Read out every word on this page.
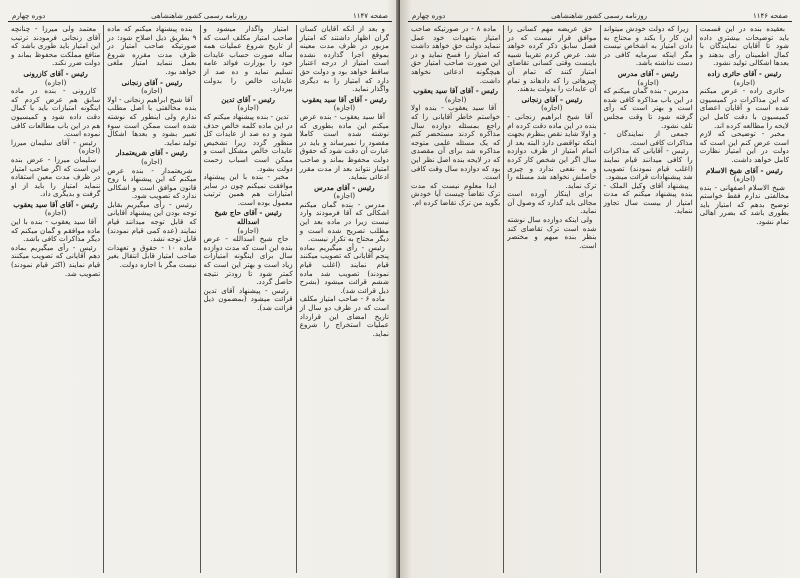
صفحه ۱۱۴۷
روزنامه رسمی کشور شاهنشاهی
دوره چهارم

و بعد از آنکه آقایان کسان گران اظهار داشتند که امتیاز مزبور در ظرف مدت معینه بموقع اجرا گذارده نشده است امتیاز از درجه اعتبار ساقط خواهد بود و دولت حق دارد که امتیاز را به دیگری واگذار نماید.

رئیس - آقای آقا سید یعقوب

(اجازه)

آقا سید یعقوب - بنده عرض میکنم این ماده بطوری که نوشته شده است کاملا مقصود را نمیرساند و باید در عبارت آن دقت شود که حقوق دولت محفوظ بماند و صاحب امتیاز نتواند بعد از مدت مقرر ادعائی بنماید.

رئیس - آقای مدرس

(اجازه)

مدرس - بنده گمان میکنم اشکالی که آقا فرمودند وارد نیست زیرا در ماده بعد این مطلب تصریح شده است و دیگر محتاج به تکرار نیست.

رئیس - رأی میگیریم بماده پنجم آقایانی که تصویب میکنند قیام نمایند (اغلب قیام نمودند) تصویب شد ماده ششم قرائت میشود (بشرح ذیل قرائت شد).

ماده ۶ - صاحب امتیاز مکلف است که در ظرف دو سال از تاریخ امضای این قرارداد عملیات استخراج را شروع نماید.

امتیاز واگذار میشود و صاحب امتیاز مکلف است که از تاریخ شروع عملیات همه ساله صورت حساب عایدات خود را بوزارت فوائد عامه تسلیم نماید و ده صد از عایدات خالص را بدولت بپردازد.

رئیس - آقای تدین

(اجازه)

تدین - بنده پیشنهاد میکنم که در این ماده کلمه خالص حذف شود و ده صد از عایدات کل منظور گردد زیرا تشخیص عایدات خالص مشکل است و ممکن است اسباب زحمت دولت بشود.

مخبر - بنده با این پیشنهاد موافقت نمیکنم چون در سایر امتیازات هم همین ترتیب معمول بوده است.

رئیس - آقای حاج شیخ اسدالله

(اجازه)

حاج شیخ اسدالله - عرض بنده این است که مدت دوازده سال برای اینگونه امتیازات زیاد است و بهتر این است که کمتر شود تا زودتر نتیجه حاصل گردد.

رئیس - پیشنهاد آقای تدین قرائت میشود (بمضمون ذیل قرائت شد).

بنده پیشنهاد میکنم که ماده ۹ بطریق ذیل اصلاح شود: در صورتیکه صاحب امتیاز در ظرف مدت مقرره شروع بعمل ننماید امتیاز ملغی خواهد بود.

رئیس - آقای زنجانی

(اجازه)

آقا شیخ ابراهیم زنجانی - اولا بنده مخالفتی با اصل مطلب ندارم ولی اینطور که نوشته شده است ممکن است سوء تعبیر بشود و بعدها اشکال تولید نماید.

رئیس - آقای شریعتمدار

(اجازه)

شریعتمدار - بنده عرض میکنم که این پیشنهاد با روح قانون موافق است و اشکالی ندارد که تصویب شود.

رئیس - رأی میگیریم بقابل توجه بودن این پیشنهاد آقایانی که قابل توجه میدانند قیام نمایند (عده کمی قیام نمودند) قابل توجه نشد.

ماده ۱۰ - حقوق و تعهدات صاحب امتیاز قابل انتقال بغیر نیست مگر با اجازه دولت.

معتمد ولی میرزا - چنانچه آقای زنجانی فرمودند ترتیب این امتیاز باید طوری باشد که منافع مملکت محفوظ بماند و دولت ضرر نکند.

رئیس - آقای کازرونی

(اجازه)

کازرونی - بنده در ماده سابق هم عرض کردم که اینگونه امتیازات باید با کمال دقت داده شود و کمیسیون هم در این باب مطالعات کافی نموده است.

رئیس - آقای سلیمان میرزا (اجازه)

سلیمان میرزا - عرض بنده این است که اگر صاحب امتیاز در ظرف مدت معین استفاده ننماید امتیاز را باید از او گرفت و بدیگری داد.

رئیس - آقای آقا سید یعقوب

(اجازه)

آقا سید یعقوب - بنده با این ماده موافقم و گمان میکنم که دیگر مذاکرات کافی باشد.

رئیس - رأی میگیریم بماده دهم آقایانی که تصویب میکنند قیام نمایند (اکثر قیام نمودند) تصویب شد.

صفحه ۱۱۴۶
روزنامه رسمی کشور شاهنشاهی
دوره چهارم

بعقیده بنده در این قسمت باید توضیحات بیشتری داده شود تا آقایان نمایندگان با کمال اطمینان رأی بدهند و بعدها اشکالی تولید نشود.

رئیس - آقای حائری زاده

(اجازه)

حائری زاده - عرض میکنم که این مذاکرات در کمیسیون شده است و آقایان اعضای کمیسیون با دقت کامل این لایحه را مطالعه کرده اند.

مخبر - توضیحی که لازم است عرض کنم این است که دولت در این امتیاز نظارت کامل خواهد داشت.

رئیس - آقای شیخ الاسلام

(اجازه)

شیخ الاسلام اصفهانی - بنده مخالفتی ندارم فقط خواستم توضیح بدهم که امتیاز باید بطوری باشد که بضرر اهالی تمام نشود.

زیرا که دولت خودش میتواند این کار را بکند و محتاج به دادن امتیاز به اشخاص نیست مگر اینکه سرمایه کافی در دست نداشته باشد.

رئیس - آقای مدرس

(اجازه)

مدرس - بنده گمان میکنم که در این باب مذاکره کافی شده است و بهتر است که رأی گرفته شود تا وقت مجلس تلف نشود.

جمعی از نمایندگان - مذاکرات کافی است.

رئیس - آقایانی که مذاکرات را کافی میدانند قیام نمایند (اغلب قیام نمودند) تصویب شد پیشنهادات قرائت میشود.

پیشنهاد آقای وکیل الملک - بنده پیشنهاد میکنم که مدت امتیاز از بیست سال تجاوز ننماید.

حق عریضه مهم کسانی را موافق قرار نیست که در فصل سابق ذکر کرده خواهد شد. عرض کردم تقریبا شبیه باینست وقتی کسانی تقاضای امتیاز کنند که تمام آن چیزهائی را که دادهاند و تمام آن عایدات را بدولت بدهند.

رئیس - آقای زنجانی

(اجازه)

آقا شیخ ابراهیم زنجانی - بنده در این ماده دقت کرده ام و اولا شاید نقص بنظرم بجهت اینکه تواقضی دارد البته بعد از اتمام امتیاز از ظرف دوازده سال اگر این شخص کار کرده و به نفعی ندارد و چیزی حاصلش نخواهد شد مسئله را ترک نماید.

برای اینکار آورده است مجالی باید گذارد که وصول آن نماید.

ولی اینکه دوازده سال نوشته شده است ترک تقاضای کند بنظر بنده مبهم و مختصر است.

ماده ۸ - در صورتیکه صاحب امتیاز بتعهدات خود عمل ننماید دولت حق خواهد داشت که امتیاز را فسخ نماید و در این صورت صاحب امتیاز حق هیچگونه ادعائی نخواهد داشت.

رئیس - آقای آقا سید یعقوب

(اجازه)

آقا سید یعقوب - بنده اولا خواستم خاطر آقایانی را که راجع بمسئله دوازده سال مذاکره کردند مستحضر کنم که یک مسئله علمی متوجه مذاکره شد برای آن مقصدی که در لایحه بنده اصل نظر این بود که دوازده سال وقت کافی است.

ابدا معلوم نیست که مدت ترک تقاضا چیست آیا خودش بگوید من ترک تقاضا کرده ام.
